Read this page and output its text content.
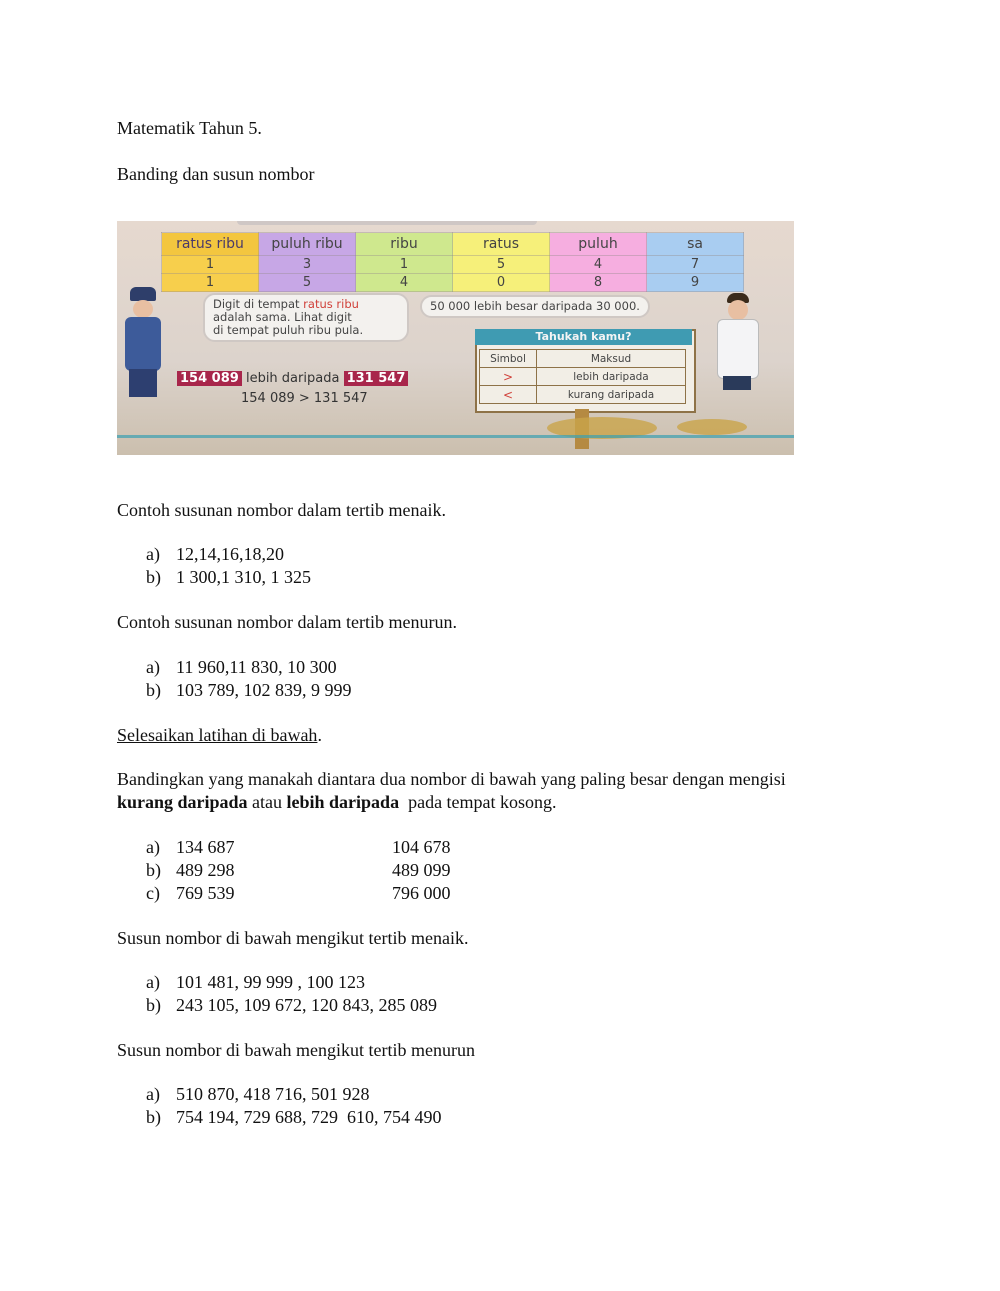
Matematik Tahun 5.
Banding dan susun nombor
ratus ribu	puluh ribu	ribu	ratus	puluh	sa
1	3	1	5	4	7
1	5	4	0	8	9
Digit di tempat ratus ribu
adalah sama. Lihat digit
di tempat puluh ribu pula.
50 000 lebih besar daripada 30 000.
154 089 lebih daripada 131 547
154 089 > 131 547
Tahukah kamu?
Simbol	Maksud
>	lebih daripada
<	kurang daripada
Contoh susunan nombor dalam tertib menaik.
a) 12,14,16,18,20
b) 1 300,1 310, 1 325
Contoh susunan nombor dalam tertib menurun.
a) 11 960,11 830, 10 300
b) 103 789, 102 839, 9 999
Selesaikan latihan di bawah.
Bandingkan yang manakah diantara dua nombor di bawah yang paling besar dengan mengisi
kurang daripada atau lebih daripada  pada tempat kosong.
a) 134 687	104 678
b) 489 298	489 099
c) 769 539	796 000
Susun nombor di bawah mengikut tertib menaik.
a) 101 481, 99 999 , 100 123
b) 243 105, 109 672, 120 843, 285 089
Susun nombor di bawah mengikut tertib menurun
a) 510 870, 418 716, 501 928
b) 754 194, 729 688, 729  610, 754 490
